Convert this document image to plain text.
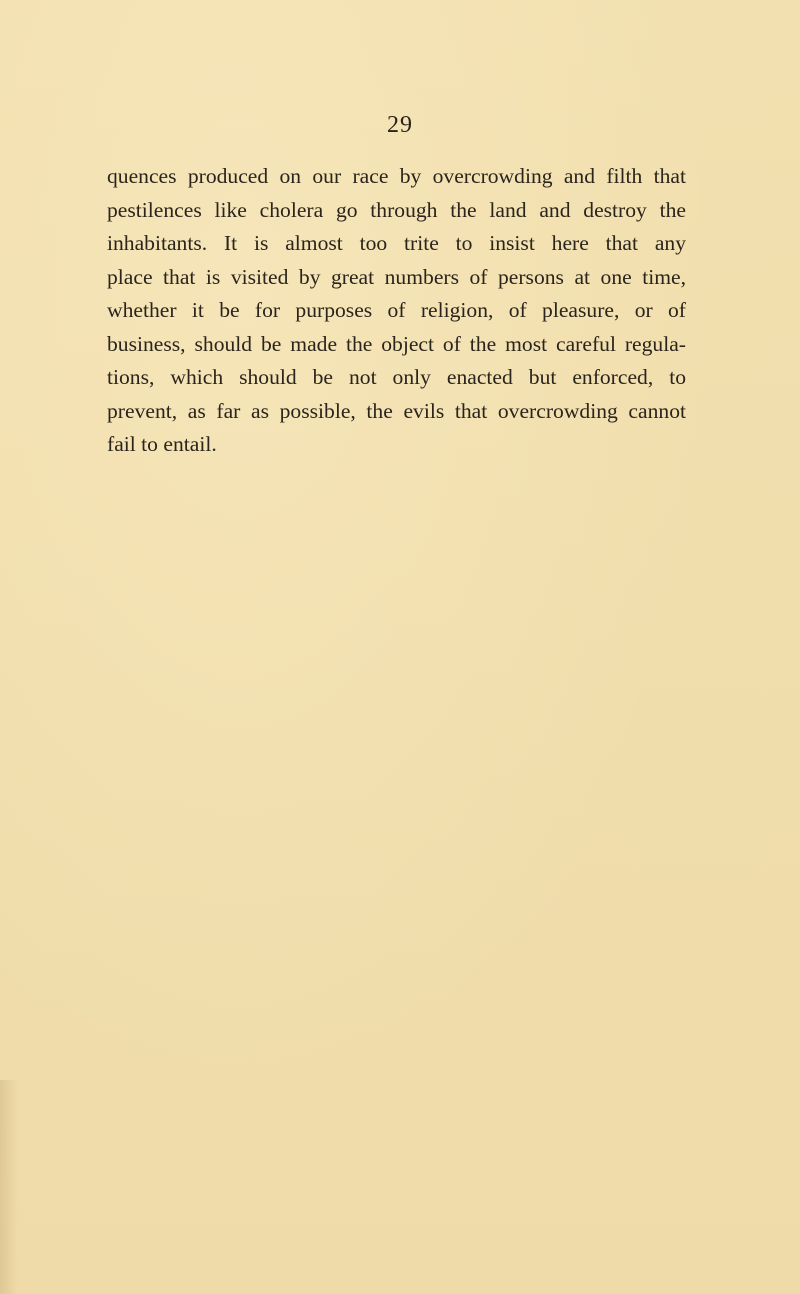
29

quences produced on our race by overcrowding and filth that
pestilences like cholera go through the land and destroy the
inhabitants. It is almost too trite to insist here that any
place that is visited by great numbers of persons at one time,
whether it be for purposes of religion, of pleasure, or of
business, should be made the object of the most careful regula-
tions, which should be not only enacted but enforced, to
prevent, as far as possible, the evils that overcrowding cannot
fail to entail.
